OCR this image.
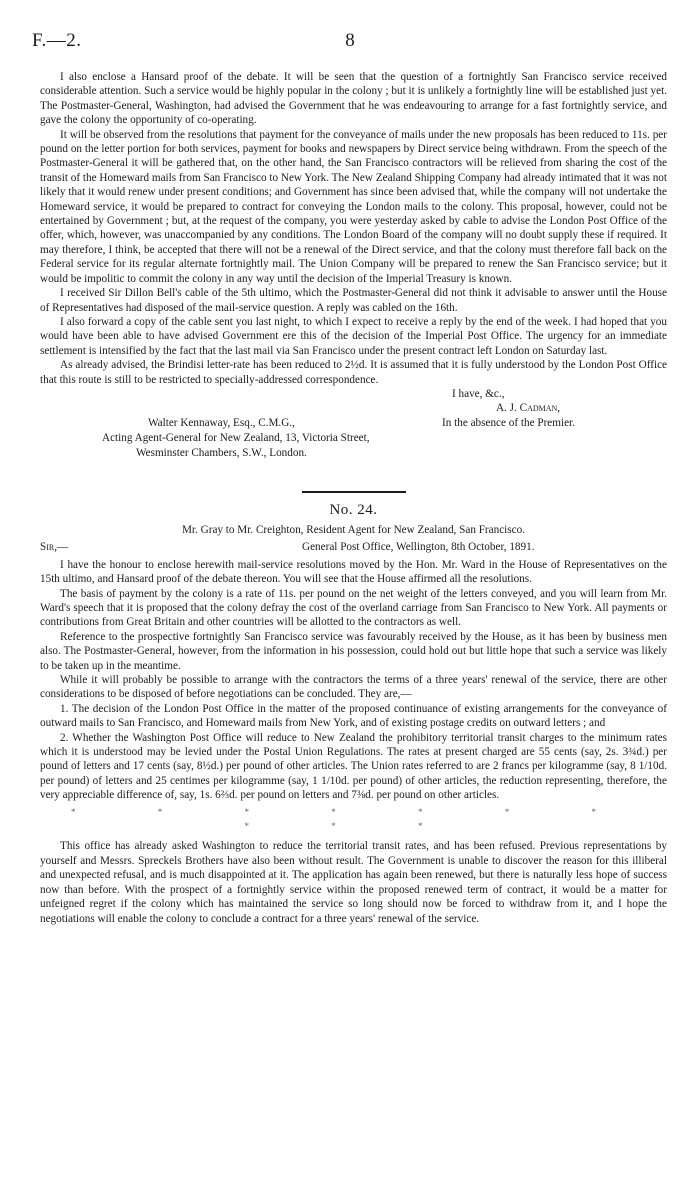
F.—2.	8

I also enclose a Hansard proof of the debate. It will be seen that the question of a fortnightly San Francisco service received considerable attention. Such a service would be highly popular in the colony ; but it is unlikely a fortnightly line will be established just yet. The Postmaster-General, Washington, had advised the Government that he was endeavouring to arrange for a fast fortnightly service, and gave the colony the opportunity of co-operating.

It will be observed from the resolutions that payment for the conveyance of mails under the new proposals has been reduced to 11s. per pound on the letter portion for both services, payment for books and newspapers by Direct service being withdrawn. From the speech of the Postmaster-General it will be gathered that, on the other hand, the San Francisco contractors will be relieved from sharing the cost of the transit of the Homeward mails from San Francisco to New York. The New Zealand Shipping Company had already intimated that it was not likely that it would renew under present conditions; and Government has since been advised that, while the company will not undertake the Homeward service, it would be prepared to contract for conveying the London mails to the colony. This proposal, however, could not be entertained by Government ; but, at the request of the company, you were yesterday asked by cable to advise the London Post Office of the offer, which, however, was unaccompanied by any conditions. The London Board of the company will no doubt supply these if required. It may therefore, I think, be accepted that there will not be a renewal of the Direct service, and that the colony must therefore fall back on the Federal service for its regular alternate fortnightly mail. The Union Company will be prepared to renew the San Francisco service; but it would be impolitic to commit the colony in any way until the decision of the Imperial Treasury is known.

I received Sir Dillon Bell's cable of the 5th ultimo, which the Postmaster-General did not think it advisable to answer until the House of Representatives had disposed of the mail-service question. A reply was cabled on the 16th.

I also forward a copy of the cable sent you last night, to which I expect to receive a reply by the end of the week. I had hoped that you would have been able to have advised Government ere this of the decision of the Imperial Post Office. The urgency for an immediate settlement is intensified by the fact that the last mail via San Francisco under the present contract left London on Saturday last.

As already advised, the Brindisi letter-rate has been reduced to 2½d. It is assumed that it is fully understood by the London Post Office that this route is still to be restricted to specially-addressed correspondence.

I have, &c.,
A. J. Cadman,
In the absence of the Premier.
Walter Kennaway, Esq., C.M.G.,
Acting Agent-General for New Zealand, 13, Victoria Street,
Wesminster Chambers, S.W., London.
No. 24.

Mr. Gray to Mr. Creighton, Resident Agent for New Zealand, San Francisco.

Sir,—	General Post Office, Wellington, 8th October, 1891.

I have the honour to enclose herewith mail-service resolutions moved by the Hon. Mr. Ward in the House of Representatives on the 15th ultimo, and Hansard proof of the debate thereon. You will see that the House affirmed all the resolutions.

The basis of payment by the colony is a rate of 11s. per pound on the net weight of the letters conveyed, and you will learn from Mr. Ward's speech that it is proposed that the colony defray the cost of the overland carriage from San Francisco to New York. All payments or contributions from Great Britain and other countries will be allotted to the contractors as well.

Reference to the prospective fortnightly San Francisco service was favourably received by the House, as it has been by business men also. The Postmaster-General, however, from the information in his possession, could hold out but little hope that such a service was likely to be taken up in the meantime.

While it will probably be possible to arrange with the contractors the terms of a three years' renewal of the service, there are other considerations to be disposed of before negotiations can be concluded. They are,—

1. The decision of the London Post Office in the matter of the proposed continuance of existing arrangements for the conveyance of outward mails to San Francisco, and Homeward mails from New York, and of existing postage credits on outward letters ; and

2. Whether the Washington Post Office will reduce to New Zealand the prohibitory territorial transit charges to the minimum rates which it is understood may be levied under the Postal Union Regulations. The rates at present charged are 55 cents (say, 2s. 3¾d.) per pound of letters and 17 cents (say, 8½d.) per pound of other articles. The Union rates referred to are 2 francs per kilogramme (say, 8 1/10d. per pound) of letters and 25 centimes per kilogramme (say, 1 1/10d. per pound) of other articles, the reduction representing, therefore, the very appreciable difference of, say, 1s. 6⅔d. per pound on letters and 7⅜d. per pound on other articles.

* * * * * * * * * *

This office has already asked Washington to reduce the territorial transit rates, and has been refused. Previous representations by yourself and Messrs. Spreckels Brothers have also been without result. The Government is unable to discover the reason for this illiberal and unexpected refusal, and is much disappointed at it. The application has again been renewed, but there is naturally less hope of success now than before. With the prospect of a fortnightly service within the proposed renewed term of contract, it would be a matter for unfeigned regret if the colony which has maintained the service so long should now be forced to withdraw from it, and I hope the negotiations will enable the colony to conclude a contract for a three years' renewal of the service.
